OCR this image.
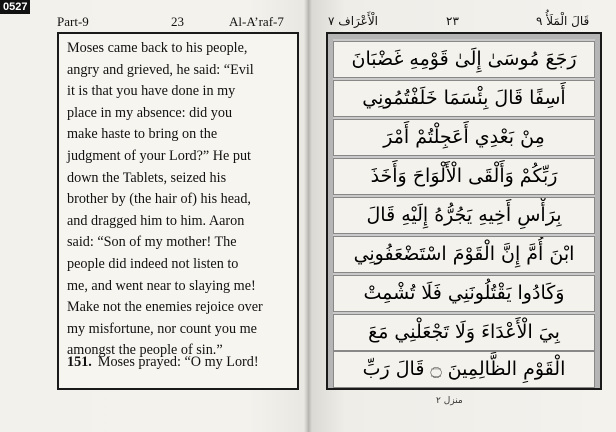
0527
Part-9	23	Al-A’raf-7	الْأَعْرَاف ٧	٢٣	قَالَ الْمَلَأُ ٩

Moses came back to his people,

angry and grieved, he said: “Evil

it is that you have done in my

place in my absence: did you

make haste to bring on the

judgment of your Lord?” He put

down the Tablets, seized his

brother by (the hair of) his head,

and dragged him to him. Aaron

said: “Son of my mother! The

people did indeed not listen to

me, and went near to slaying me!

Make not the enemies rejoice over

my misfortune, nor count you me

amongst the people of sin.”

151. Moses prayed: “O my Lord!
رَجَعَ مُوسَىٰ إِلَىٰ قَوْمِهِ غَضْبَانَ
أَسِفًا قَالَ بِئْسَمَا خَلَفْتُمُونِي
مِنْ بَعْدِي أَعَجِلْتُمْ أَمْرَ
رَبِّكُمْ وَأَلْقَى الْأَلْوَاحَ وَأَخَذَ
بِرَأْسِ أَخِيهِ يَجُرُّهُ إِلَيْهِ قَالَ
ابْنَ أُمَّ إِنَّ الْقَوْمَ اسْتَضْعَفُونِي
وَكَادُوا يَقْتُلُونَنِي فَلَا تُشْمِتْ
بِيَ الْأَعْدَاءَ وَلَا تَجْعَلْنِي مَعَ
الْقَوْمِ الظَّالِمِينَ ۝ قَالَ رَبِّ
منزل ٢
